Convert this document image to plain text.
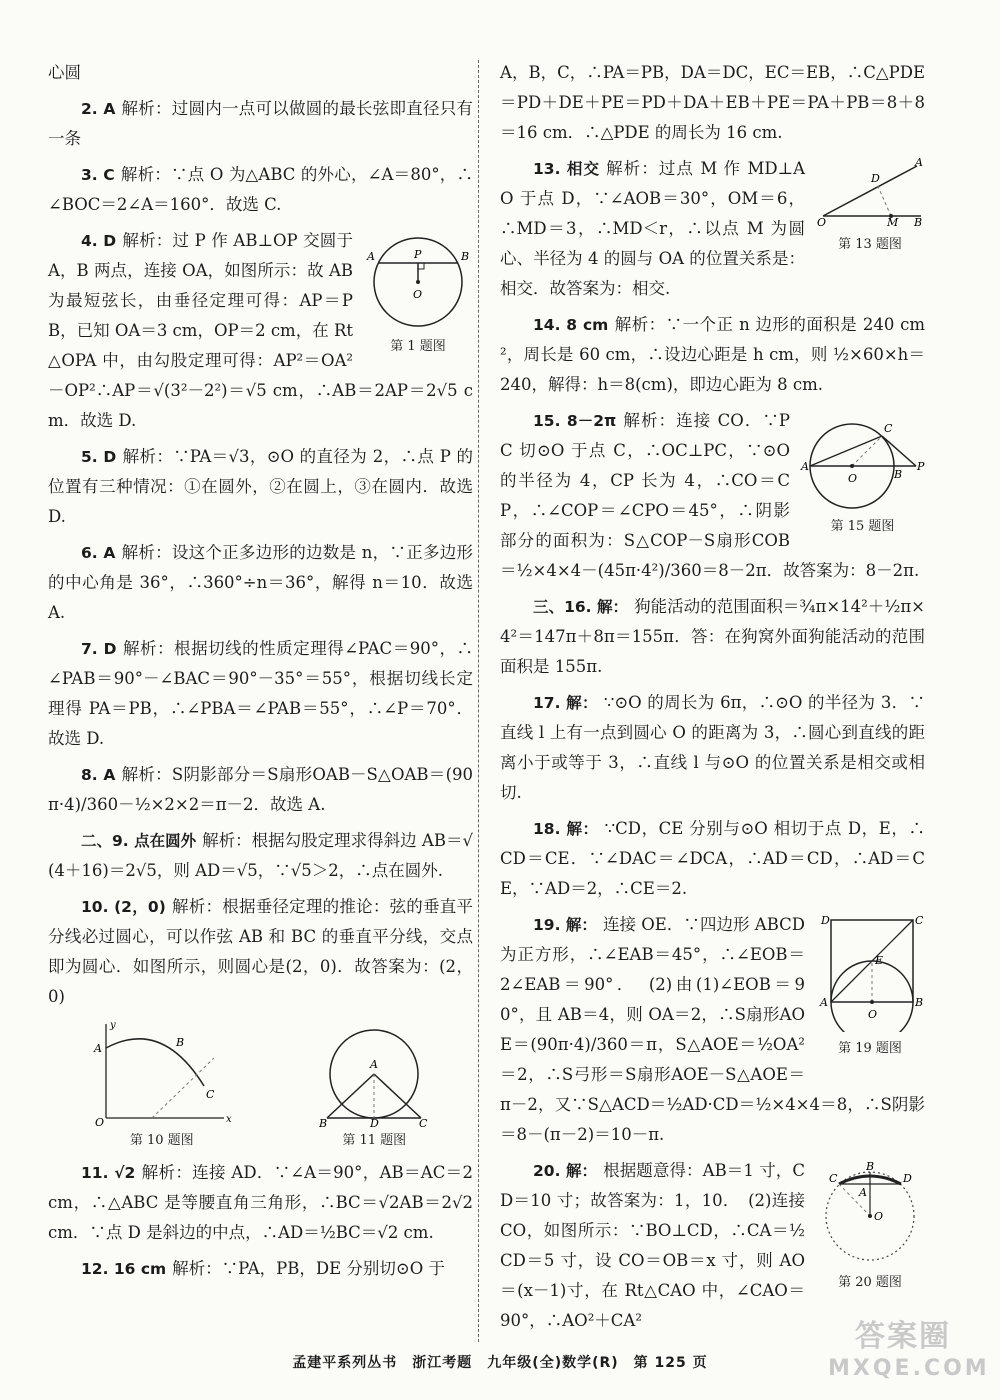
心圆

2. A 解析：过圆内一点可以做圆的最长弦即直径只有一条

3. C 解析：∵点 O 为△ABC 的外心，∠A＝80°，∴∠BOC＝2∠A＝160°．故选 C.

A	B
P
O
第 1 题图
4. D 解析：过 P 作 AB⊥OP 交圆于 A，B 两点，连接 OA，如图所示：故 AB 为最短弦长，由垂径定理可得：AP＝PB，已知 OA＝3 cm，OP＝2 cm，在 Rt△OPA 中，由勾股定理可得：AP²＝OA²－OP²∴AP＝√(3²－2²)＝√5 cm，∴AB＝2AP＝2√5 cm．故选 D.

5. D 解析：∵PA＝√3，⊙O 的直径为 2，∴点 P 的位置有三种情况：①在圆外，②在圆上，③在圆内．故选 D.

6. A 解析：设这个正多边形的边数是 n，∵正多边形的中心角是 36°，∴360°÷n＝36°，解得 n＝10．故选 A.

7. D 解析：根据切线的性质定理得∠PAC＝90°，∴∠PAB＝90°－∠BAC＝90°－35°＝55°，根据切线长定理得 PA＝PB，∴∠PBA＝∠PAB＝55°，∴∠P＝70°．故选 D.

8. A 解析：S阴影部分＝S扇形OAB－S△OAB＝(90π·4)/360－½×2×2＝π－2．故选 A.

二、9. 点在圆外 解析：根据勾股定理求得斜边 AB＝√(4＋16)＝2√5，则 AD＝√5，∵√5＞2，∴点在圆外.

10. (2，0) 解析：根据垂径定理的推论：弦的垂直平分线必过圆心，可以作弦 AB 和 BC 的垂直平分线，交点即为圆心．如图所示，则圆心是(2，0)．故答案为：(2，0)

A	B
C
O	x
y
第 10 题图
A
B	D	C
第 11 题图

11. √2 解析：连接 AD．∵∠A＝90°，AB＝AC＝2 cm，∴△ABC 是等腰直角三角形，∴BC＝√2AB＝2√2 cm．∵点 D 是斜边的中点，∴AD＝½BC＝√2 cm.

12. 16 cm 解析：∵PA，PB，DE 分别切⊙O 于

A，B，C，∴PA＝PB，DA＝DC，EC＝EB，∴C△PDE＝PD＋DE＋PE＝PD＋DA＋EB＋PE＝PA＋PB＝8＋8＝16 cm．∴△PDE 的周长为 16 cm.

O	M B
D
A
第 13 题图
13. 相交 解析：过点 M 作 MD⊥AO 于点 D，∵∠AOB＝30°，OM＝6，∴MD＝3，∴MD＜r，∴以点 M 为圆心、半径为 4 的圆与 OA 的位置关系是：相交．故答案为：相交.

14. 8 cm 解析：∵一个正 n 边形的面积是 240 cm²，周长是 60 cm，∴设边心距是 h cm，则 ½×60×h＝240，解得：h＝8(cm)，即边心距为 8 cm.

A
O	B
P
C
第 15 题图
15. 8－2π 解析：连接 CO．∵PC 切⊙O 于点 C，∴OC⊥PC，∵⊙O 的半径为 4，CP 长为 4，∴CO＝CP，∴∠COP＝∠CPO＝45°，∴阴影部分的面积为：S△COP－S扇形COB＝½×4×4－(45π·4²)/360＝8－2π．故答案为：8－2π.

三、16. 解： 狗能活动的范围面积＝¾π×14²＋½π×4²＝147π＋8π＝155π．答：在狗窝外面狗能活动的范围面积是 155π.

17. 解： ∵⊙O 的周长为 6π，∴⊙O 的半径为 3．∵直线 l 上有一点到圆心 O 的距离为 3，∴圆心到直线的距离小于或等于 3，∴直线 l 与⊙O 的位置关系是相交或相切.

18. 解： ∵CD，CE 分别与⊙O 相切于点 D，E，∴CD＝CE．∵∠DAC＝∠DCA，∴AD＝CD，∴AD＝CE，∵AD＝2，∴CE＝2.

D	C
E
A	B
O
第 19 题图
19. 解： 连接 OE．∵四边形 ABCD 为正方形，∴∠EAB＝45°，∴∠EOB＝2∠EAB＝90°．　(2)由(1)∠EOB＝90°，且 AB＝4，则 OA＝2，∴S扇形AOE＝(90π·4)/360＝π，S△AOE＝½OA²＝2，∴S弓形＝S扇形AOE－S△AOE＝π－2，又∵S△ACD＝½AD·CD＝½×4×4＝8，∴S阴影＝8－(π－2)＝10－π.

C	D
B
A
O
第 20 题图
20. 解： 根据题意得：AB＝1 寸，CD＝10 寸；故答案为：1，10．　(2)连接 CO，如图所示：∵BO⊥CD，∴CA＝½CD＝5 寸，设 CO＝OB＝x 寸，则 AO＝(x－1)寸，在 Rt△CAO 中，∠CAO＝90°，∴AO²＋CA²

孟建平系列丛书　浙江考题　九年级(全)数学(R)　第 125 页
答案圈
MXQE.COM
